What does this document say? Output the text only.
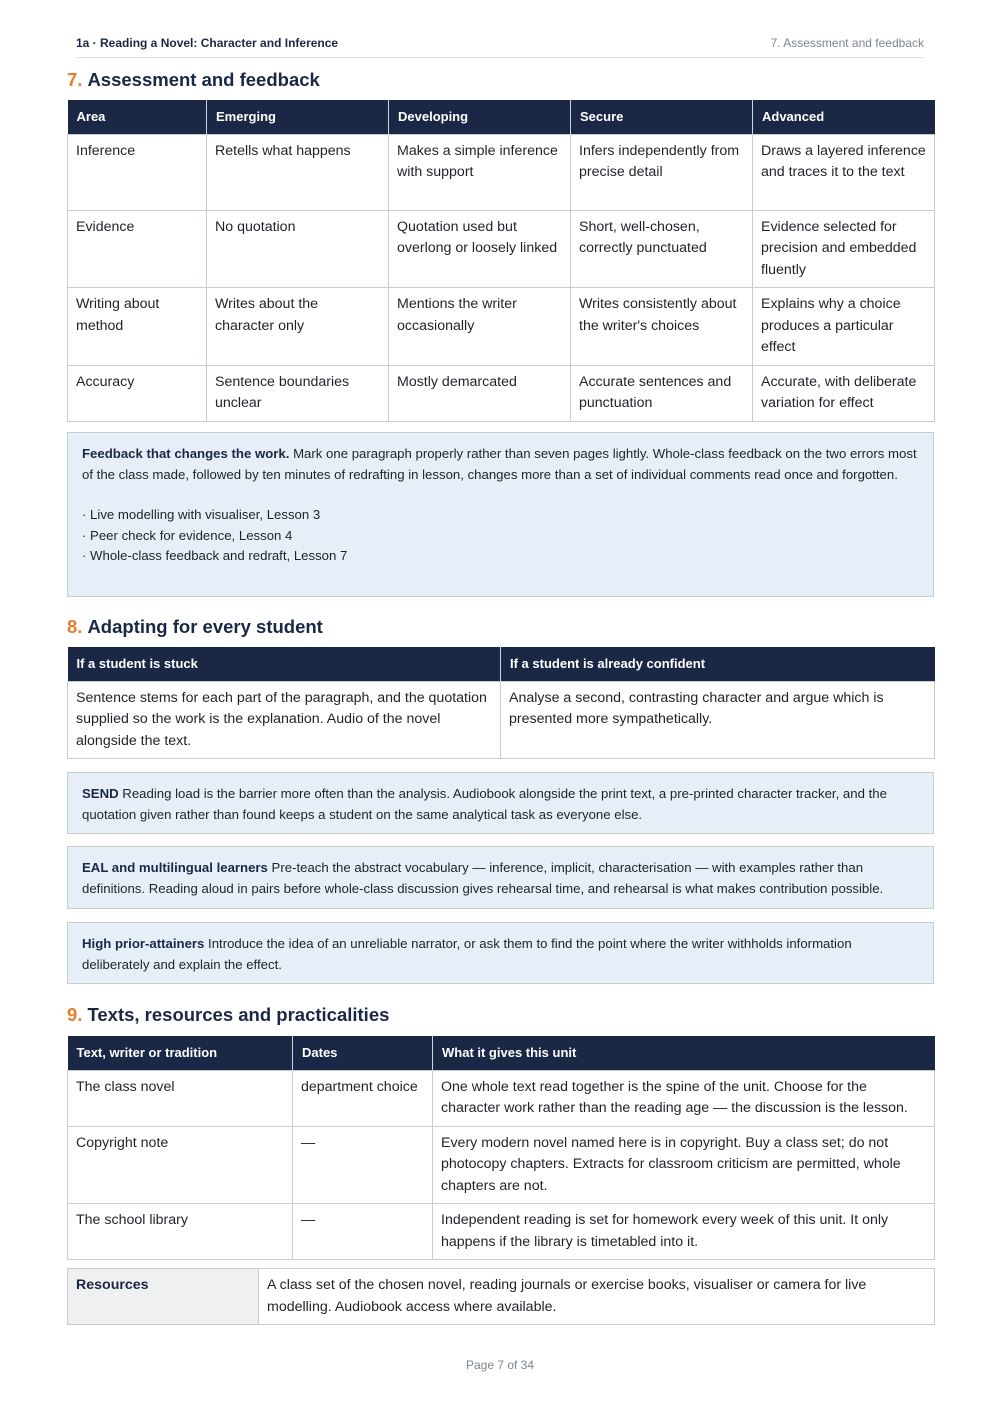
1a · Reading a Novel: Character and Inference	7. Assessment and feedback
7. Assessment and feedback
Area	Emerging	Developing	Secure	Advanced
Inference	Retells what happens	Makes a simple inference with support	Infers independently from precise detail	Draws a layered inference and traces it to the text
Evidence	No quotation	Quotation used but overlong or loosely linked	Short, well-chosen, correctly punctuated	Evidence selected for precision and embedded fluently
Writing about method	Writes about the character only	Mentions the writer occasionally	Writes consistently about the writer's choices	Explains why a choice produces a particular effect
Accuracy	Sentence boundaries unclear	Mostly demarcated	Accurate sentences and punctuation	Accurate, with deliberate variation for effect

Feedback that changes the work. Mark one paragraph properly rather than seven pages lightly. Whole-class feedback on the two errors most of the class made, followed by ten minutes of redrafting in lesson, changes more than a set of individual comments read once and forgotten.

· Live modelling with visualiser, Lesson 3
· Peer check for evidence, Lesson 4
· Whole-class feedback and redraft, Lesson 7
8. Adapting for every student
If a student is stuck	If a student is already confident
Sentence stems for each part of the paragraph, and the quotation supplied so the work is the explanation. Audio of the novel alongside the text.	Analyse a second, contrasting character and argue which is presented more sympathetically.

SEND Reading load is the barrier more often than the analysis. Audiobook alongside the print text, a pre-printed character tracker, and the quotation given rather than found keeps a student on the same analytical task as everyone else.

EAL and multilingual learners Pre-teach the abstract vocabulary — inference, implicit, characterisation — with examples rather than definitions. Reading aloud in pairs before whole-class discussion gives rehearsal time, and rehearsal is what makes contribution possible.

High prior-attainers Introduce the idea of an unreliable narrator, or ask them to find the point where the writer withholds information deliberately and explain the effect.

9. Texts, resources and practicalities
Text, writer or tradition	Dates	What it gives this unit
The class novel	department choice	One whole text read together is the spine of the unit. Choose for the character work rather than the reading age — the discussion is the lesson.
Copyright note	—	Every modern novel named here is in copyright. Buy a class set; do not photocopy chapters. Extracts for classroom criticism are permitted, whole chapters are not.
The school library	—	Independent reading is set for homework every week of this unit. It only happens if the library is timetabled into it.
Resources	A class set of the chosen novel, reading journals or exercise books, visualiser or camera for live modelling. Audiobook access where available.
Page 7 of 34
